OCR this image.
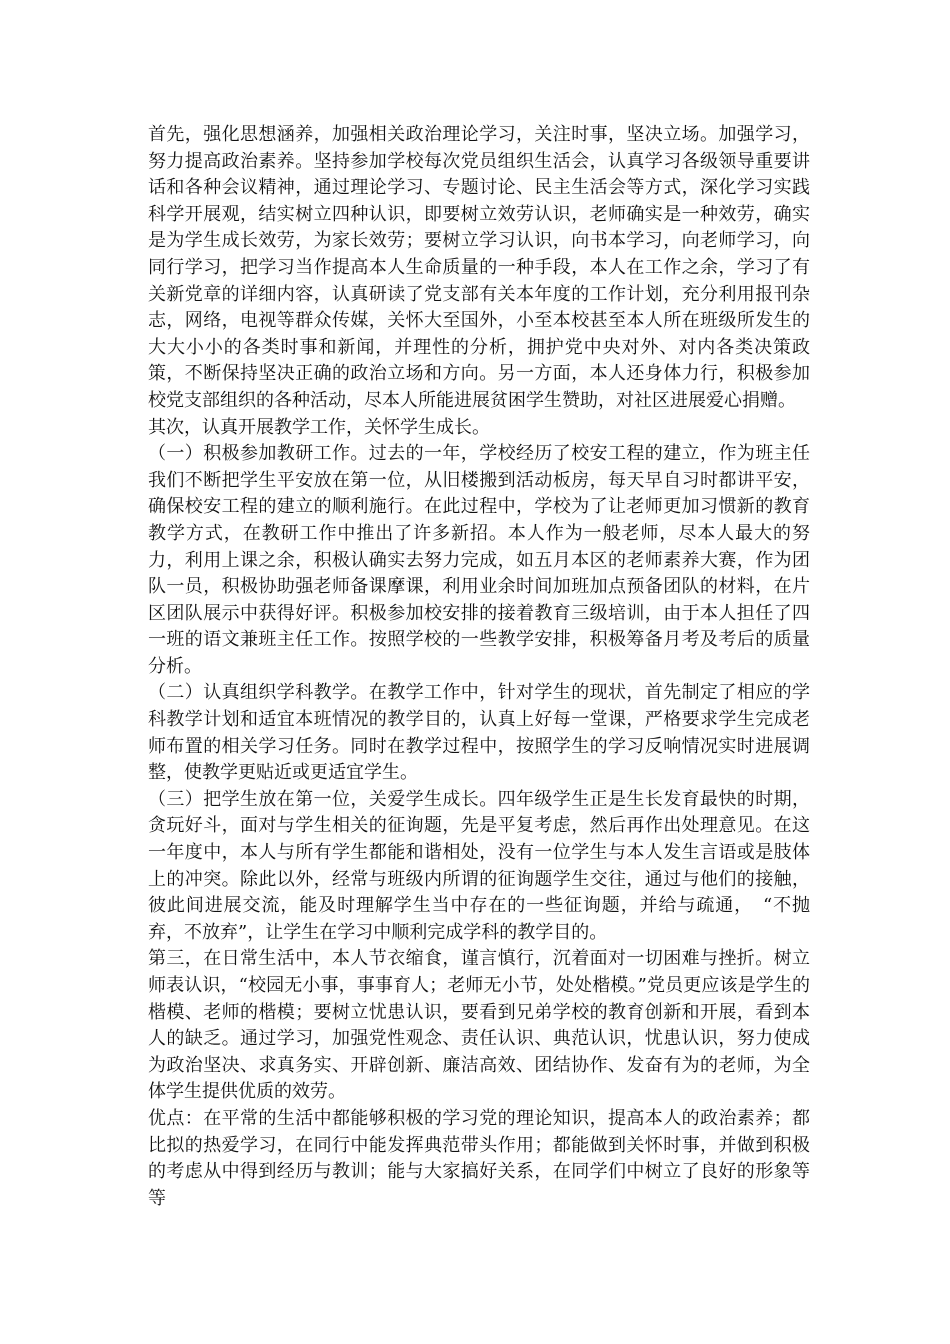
首先，强化思想涵养，加强相关政治理论学习，关注时事，坚决立场。加强学习，努力提高政治素养。坚持参加学校每次党员组织生活会，认真学习各级领导重要讲话和各种会议精神，通过理论学习、专题讨论、民主生活会等方式，深化学习实践科学开展观，结实树立四种认识，即要树立效劳认识，老师确实是一种效劳，确实是为学生成长效劳，为家长效劳；要树立学习认识，向书本学习，向老师学习，向同行学习，把学习当作提高本人生命质量的一种手段，本人在工作之余，学习了有关新党章的详细内容，认真研读了党支部有关本年度的工作计划，充分利用报刊杂志，网络，电视等群众传媒，关怀大至国外，小至本校甚至本人所在班级所发生的大大小小的各类时事和新闻，并理性的分析，拥护党中央对外、对内各类决策政策，不断保持坚决正确的政治立场和方向。另一方面，本人还身体力行，积极参加校党支部组织的各种活动，尽本人所能进展贫困学生赞助，对社区进展爱心捐赠。

其次，认真开展教学工作，关怀学生成长。

（一）积极参加教研工作。过去的一年，学校经历了校安工程的建立，作为班主任我们不断把学生平安放在第一位，从旧楼搬到活动板房，每天早自习时都讲平安，确保校安工程的建立的顺利施行。在此过程中，学校为了让老师更加习惯新的教育教学方式，在教研工作中推出了许多新招。本人作为一般老师，尽本人最大的努力，利用上课之余，积极认确实去努力完成，如五月本区的老师素养大赛，作为团队一员，积极协助强老师备课摩课，利用业余时间加班加点预备团队的材料，在片区团队展示中获得好评。积极参加校安排的接着教育三级培训，由于本人担任了四一班的语文兼班主任工作。按照学校的一些教学安排，积极筹备月考及考后的质量分析。

（二）认真组织学科教学。在教学工作中，针对学生的现状，首先制定了相应的学科教学计划和适宜本班情况的教学目的，认真上好每一堂课，严格要求学生完成老师布置的相关学习任务。同时在教学过程中，按照学生的学习反响情况实时进展调整，使教学更贴近或更适宜学生。

（三）把学生放在第一位，关爱学生成长。四年级学生正是生长发育最快的时期，贪玩好斗，面对与学生相关的征询题，先是平复考虑，然后再作出处理意见。在这一年度中，本人与所有学生都能和谐相处，没有一位学生与本人发生言语或是肢体上的冲突。除此以外，经常与班级内所谓的征询题学生交往，通过与他们的接触，彼此间进展交流，能及时理解学生当中存在的一些征询题，并给与疏通，　“不抛弃，不放弃”，让学生在学习中顺利完成学科的教学目的。

第三，在日常生活中，本人节衣缩食，谨言慎行，沉着面对一切困难与挫折。树立师表认识，“校园无小事，事事育人；老师无小节，处处楷模。”党员更应该是学生的楷模、老师的楷模；要树立忧患认识，要看到兄弟学校的教育创新和开展，看到本人的缺乏。通过学习，加强党性观念、责任认识、典范认识，忧患认识，努力使成为政治坚决、求真务实、开辟创新、廉洁高效、团结协作、发奋有为的老师，为全体学生提供优质的效劳。

优点：在平常的生活中都能够积极的学习党的理论知识，提高本人的政治素养；都比拟的热爱学习，在同行中能发挥典范带头作用；都能做到关怀时事，并做到积极的考虑从中得到经历与教训；能与大家搞好关系，在同学们中树立了良好的形象等等
